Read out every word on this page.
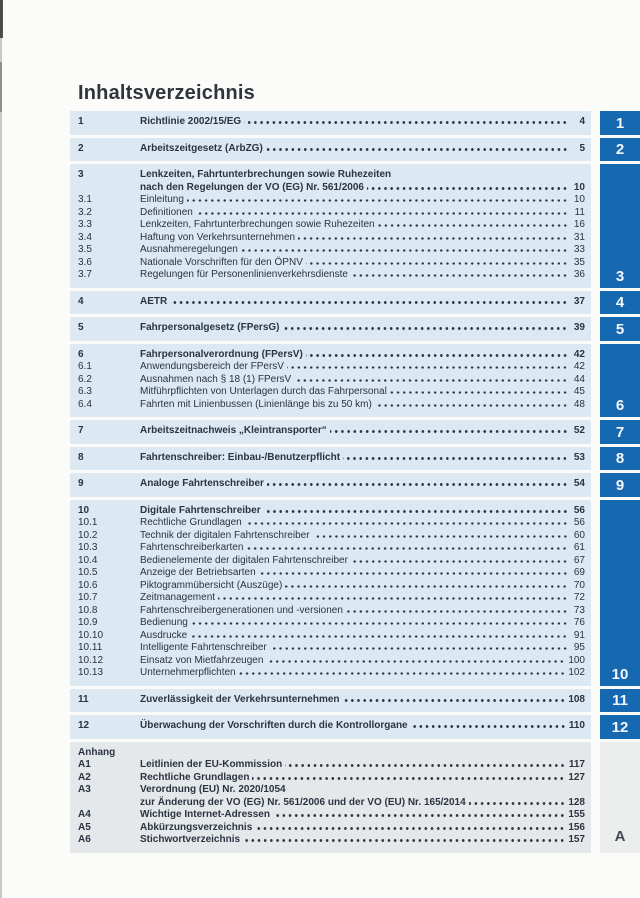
Inhaltsverzeichnis
1	Richtlinie 2002/15/EG	4 1
2	Arbeitszeitgesetz (ArbZG)	5 2
3	Lenkzeiten, Fahrtunterbrechungen sowie Ruhezeiten
nach den Regelungen der VO (EG) Nr. 561/2006	10
3.1	Einleitung	10
3.2	Definitionen	11
3.3	Lenkzeiten, Fahrtunterbrechungen sowie Ruhezeiten	16
3.4	Haftung von Verkehrsunternehmen	31
3.5	Ausnahmeregelungen	33
3.6	Nationale Vorschriften für den ÖPNV	35
3.7	Regelungen für Personenlinienverkehrsdienste	36 3
4	AETR	37 4
5	Fahrpersonalgesetz (FPersG)	39 5
6	Fahrpersonalverordnung (FPersV)	42
6.1	Anwendungsbereich der FPersV	42
6.2	Ausnahmen nach § 18 (1) FPersV	44
6.3	Mitführpflichten von Unterlagen durch das Fahrpersonal	45
6.4	Fahrten mit Linienbussen (Linienlänge bis zu 50 km)	48 6
7	Arbeitszeitnachweis „Kleintransporter“	52 7
8	Fahrtenschreiber: Einbau-/Benutzerpflicht	53 8
9	Analoge Fahrtenschreiber	54 9
10	Digitale Fahrtenschreiber	56
10.1	Rechtliche Grundlagen	56
10.2	Technik der digitalen Fahrtenschreiber	60
10.3	Fahrtenschreiberkarten	61
10.4	Bedienelemente der digitalen Fahrtenschreiber	67
10.5	Anzeige der Betriebsarten	69
10.6	Piktogrammübersicht (Auszüge)	70
10.7	Zeitmanagement	72
10.8	Fahrtenschreibergenerationen und -versionen	73
10.9	Bedienung	76
10.10	Ausdrucke	91
10.11	Intelligente Fahrtenschreiber	95
10.12	Einsatz von Mietfahrzeugen	100
10.13	Unternehmerpflichten	102 10
11	Zuverlässigkeit der Verkehrsunternehmen	108 11
12	Überwachung der Vorschriften durch die Kontrollorgane	110 12
Anhang
A1	Leitlinien der EU-Kommission	117
A2	Rechtliche Grundlagen	127
A3	Verordnung (EU) Nr. 2020/1054
zur Änderung der VO (EG) Nr. 561/2006 und der VO (EU) Nr. 165/2014	128
A4	Wichtige Internet-Adressen	155
A5	Abkürzungsverzeichnis	156
A6	Stichwortverzeichnis	157 A
